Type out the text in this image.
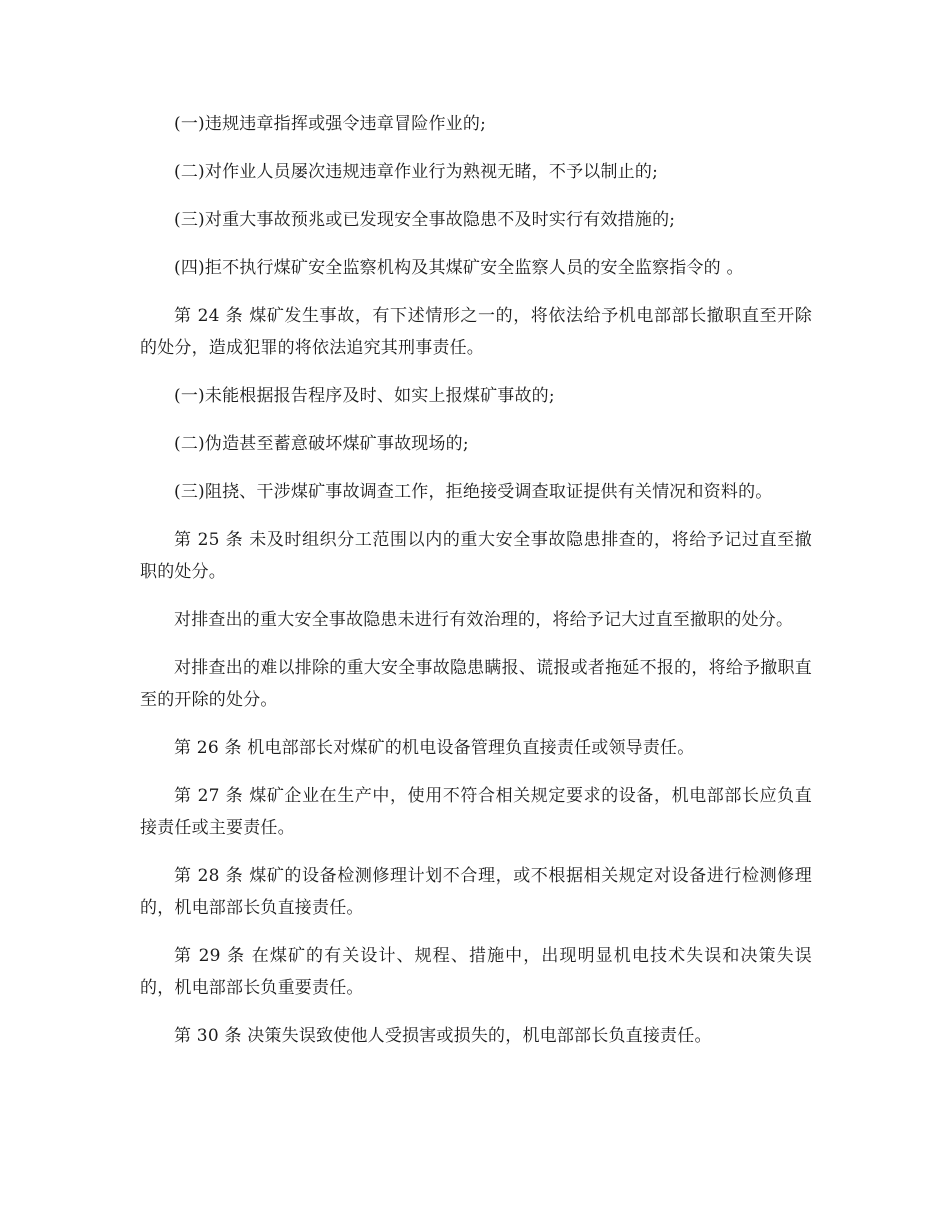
(一)违规违章指挥或强令违章冒险作业的;

(二)对作业人员屡次违规违章作业行为熟视无睹，不予以制止的;

(三)对重大事故预兆或已发现安全事故隐患不及时实行有效措施的;

(四)拒不执行煤矿安全监察机构及其煤矿安全监察人员的安全监察指令的 。

第 24 条 煤矿发生事故，有下述情形之一的，将依法给予机电部部长撤职直至开除的处分，造成犯罪的将依法追究其刑事责任。

(一)未能根据报告程序及时、如实上报煤矿事故的;

(二)伪造甚至蓄意破坏煤矿事故现场的;

(三)阻挠、干涉煤矿事故调查工作，拒绝接受调查取证提供有关情况和资料的。

第 25 条 未及时组织分工范围以内的重大安全事故隐患排查的，将给予记过直至撤职的处分。

对排查出的重大安全事故隐患未进行有效治理的，将给予记大过直至撤职的处分。

对排查出的难以排除的重大安全事故隐患瞒报、谎报或者拖延不报的，将给予撤职直至的开除的处分。

第 26 条 机电部部长对煤矿的机电设备管理负直接责任或领导责任。

第 27 条 煤矿企业在生产中，使用不符合相关规定要求的设备，机电部部长应负直接责任或主要责任。

第 28 条 煤矿的设备检测修理计划不合理，或不根据相关规定对设备进行检测修理的，机电部部长负直接责任。

第 29 条 在煤矿的有关设计、规程、措施中，出现明显机电技术失误和决策失误的，机电部部长负重要责任。

第 30 条 决策失误致使他人受损害或损失的，机电部部长负直接责任。
